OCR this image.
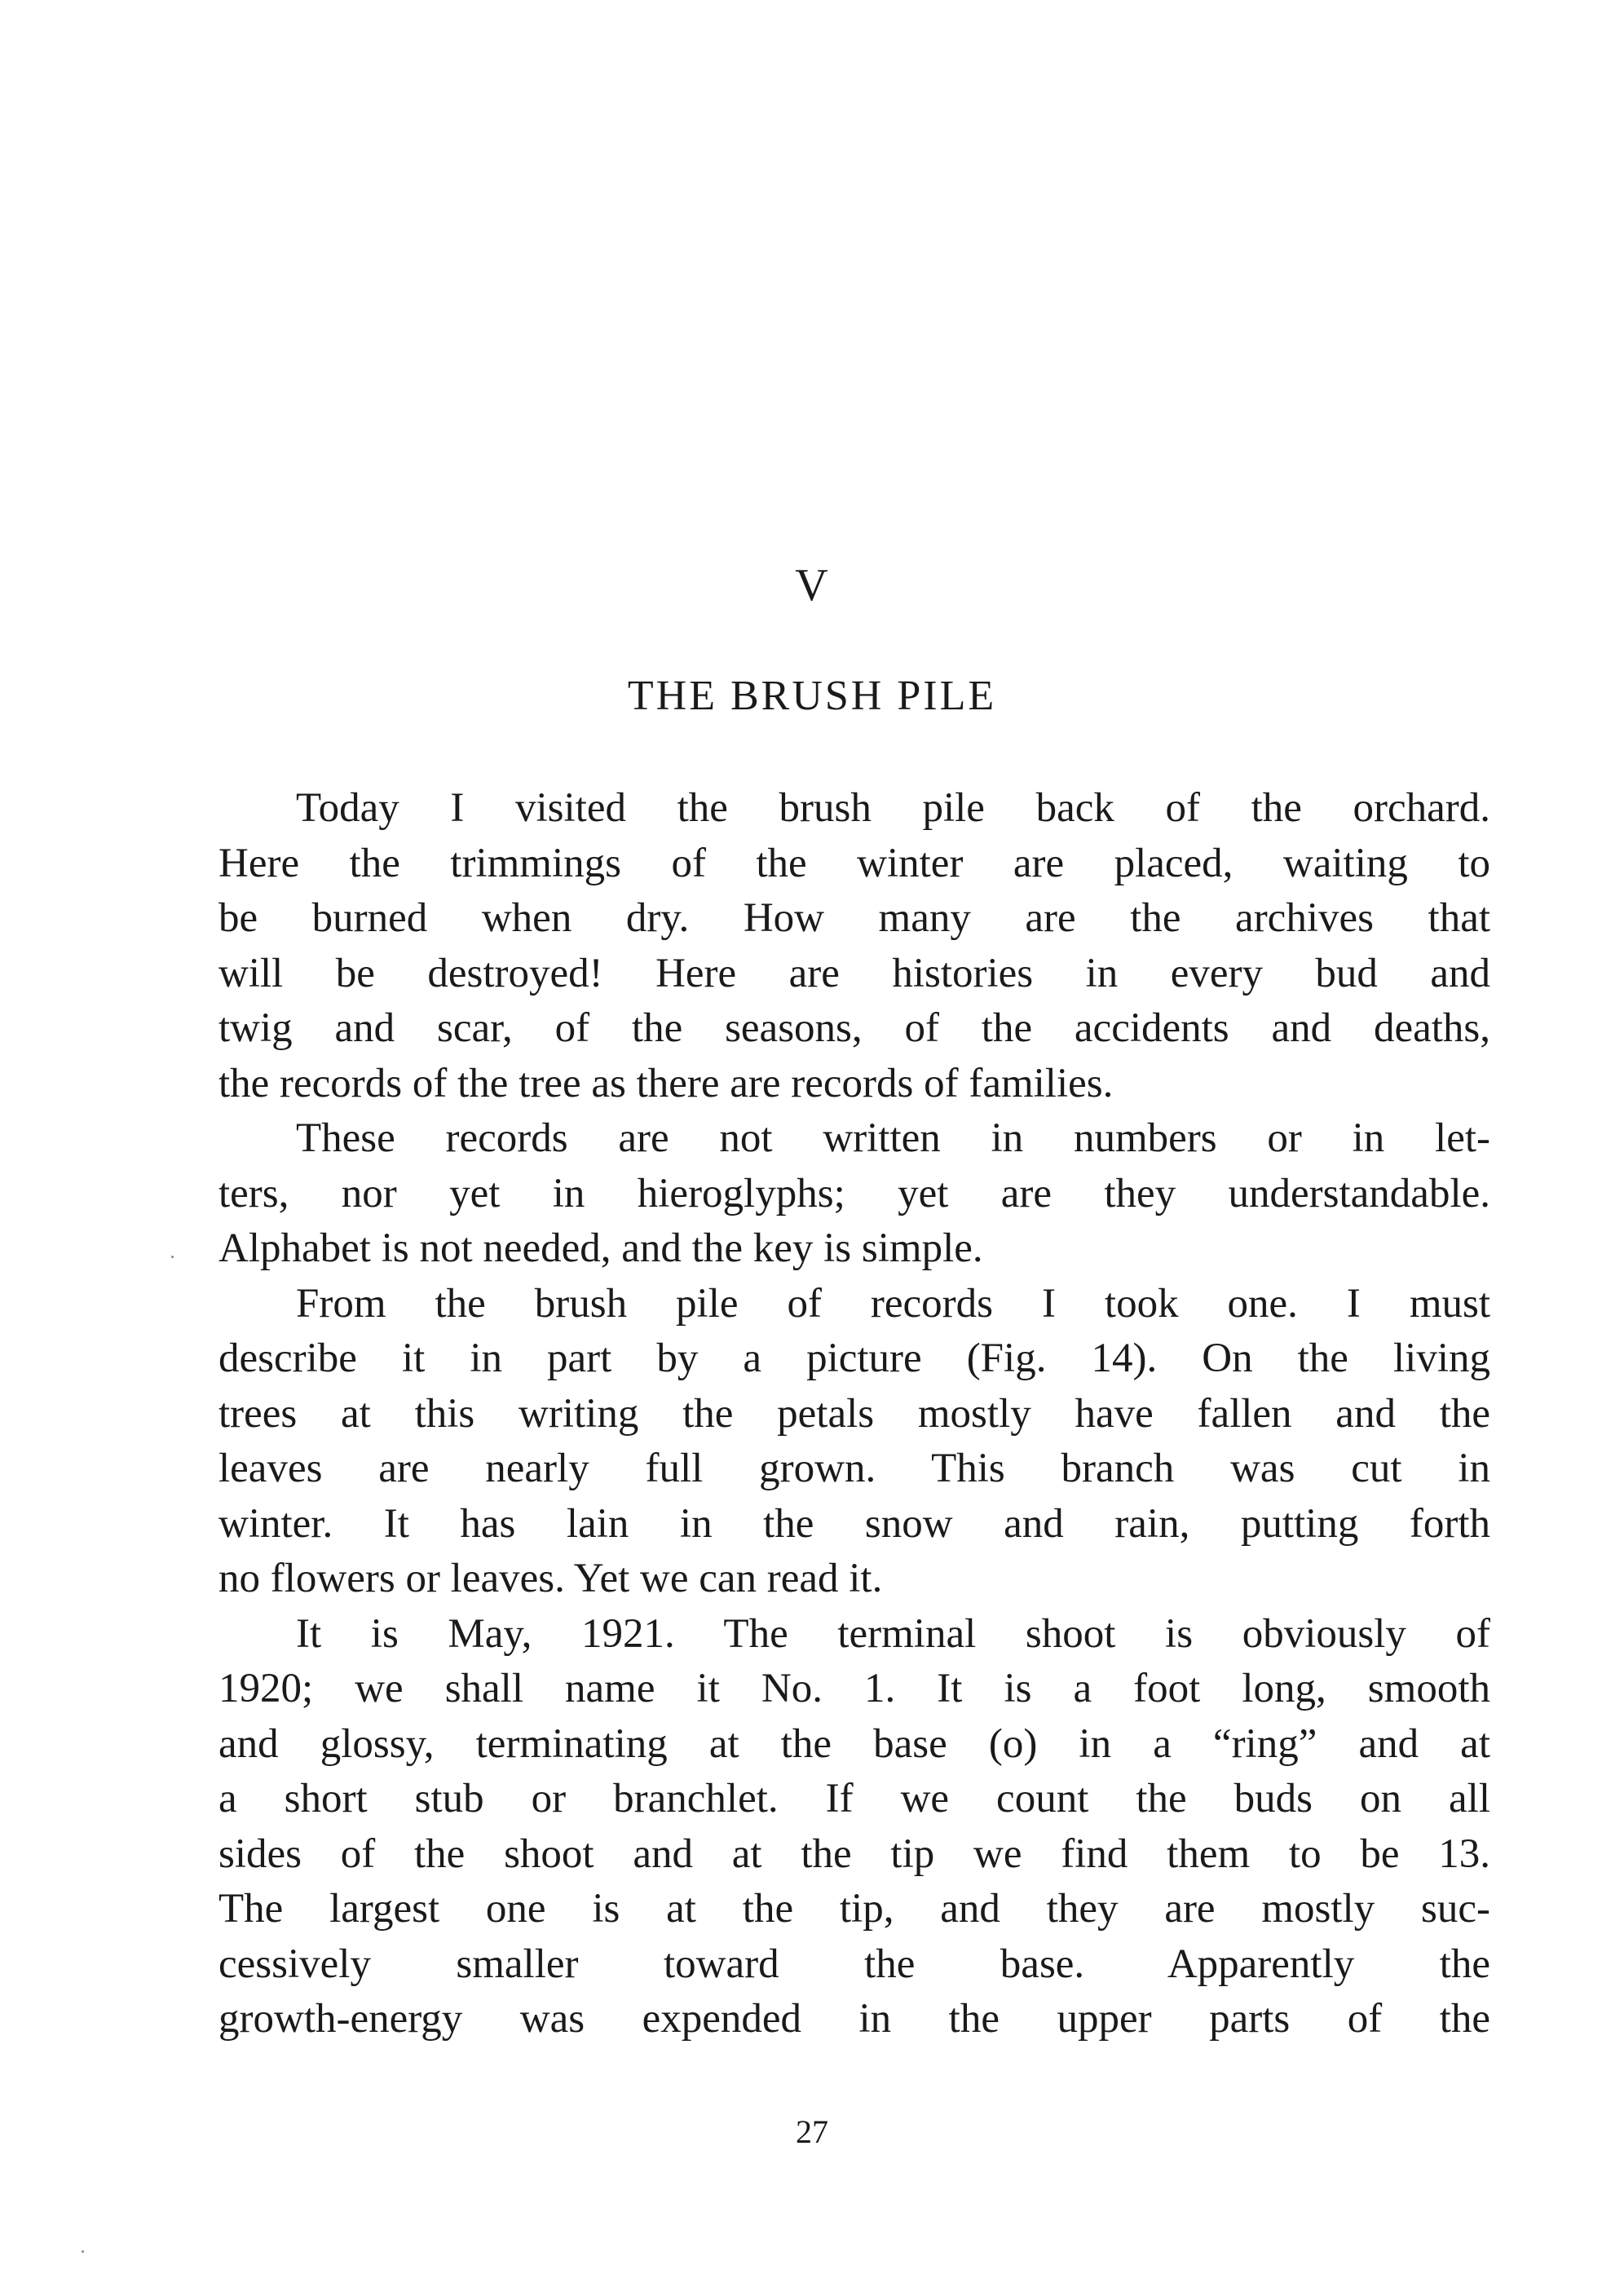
V
THE BRUSH PILE
Today I visited the brush pile back of the orchard.
Here the trimmings of the winter are placed, waiting to
be burned when dry. How many are the archives that
will be destroyed! Here are histories in every bud and
twig and scar, of the seasons, of the accidents and deaths,
the records of the tree as there are records of families.
These records are not written in numbers or in let-
ters, nor yet in hieroglyphs; yet are they understandable.
Alphabet is not needed, and the key is simple.
From the brush pile of records I took one. I must
describe it in part by a picture (Fig. 14). On the living
trees at this writing the petals mostly have fallen and the
leaves are nearly full grown. This branch was cut in
winter. It has lain in the snow and rain, putting forth
no flowers or leaves. Yet we can read it.
It is May, 1921. The terminal shoot is obviously of
1920; we shall name it No. 1. It is a foot long, smooth
and glossy, terminating at the base (o) in a “ring” and at
a short stub or branchlet. If we count the buds on all
sides of the shoot and at the tip we find them to be 13.
The largest one is at the tip, and they are mostly suc-
cessively smaller toward the base. Apparently the
growth-energy was expended in the upper parts of the
27
